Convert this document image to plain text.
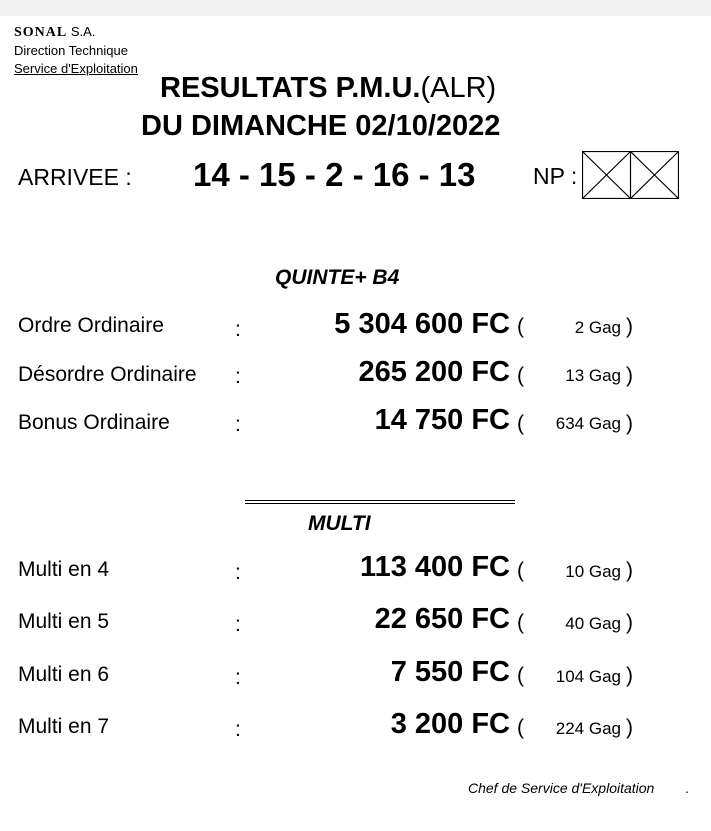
SONAL S.A.
Direction Technique
Service d'Exploitation
RESULTATS P.M.U.(ALR)
DU DIMANCHE 02/10/2022
ARRIVEE : 14 - 15 - 2 - 16 - 13	NP :
QUINTE+ B4
Ordre Ordinaire	:	5 304 600 FC (	2 Gag )
Désordre Ordinaire :	265 200 FC ( 13 Gag )
Bonus Ordinaire	:	14 750 FC ( 634 Gag )
MULTI
Multi en 4	:	113 400 FC ( 10 Gag )
Multi en 5	:	22 650 FC ( 40 Gag )
Multi en 6	:	7 550 FC ( 104 Gag )
Multi en 7	:	3 200 FC ( 224 Gag )
Chef de Service d'Exploitation .
